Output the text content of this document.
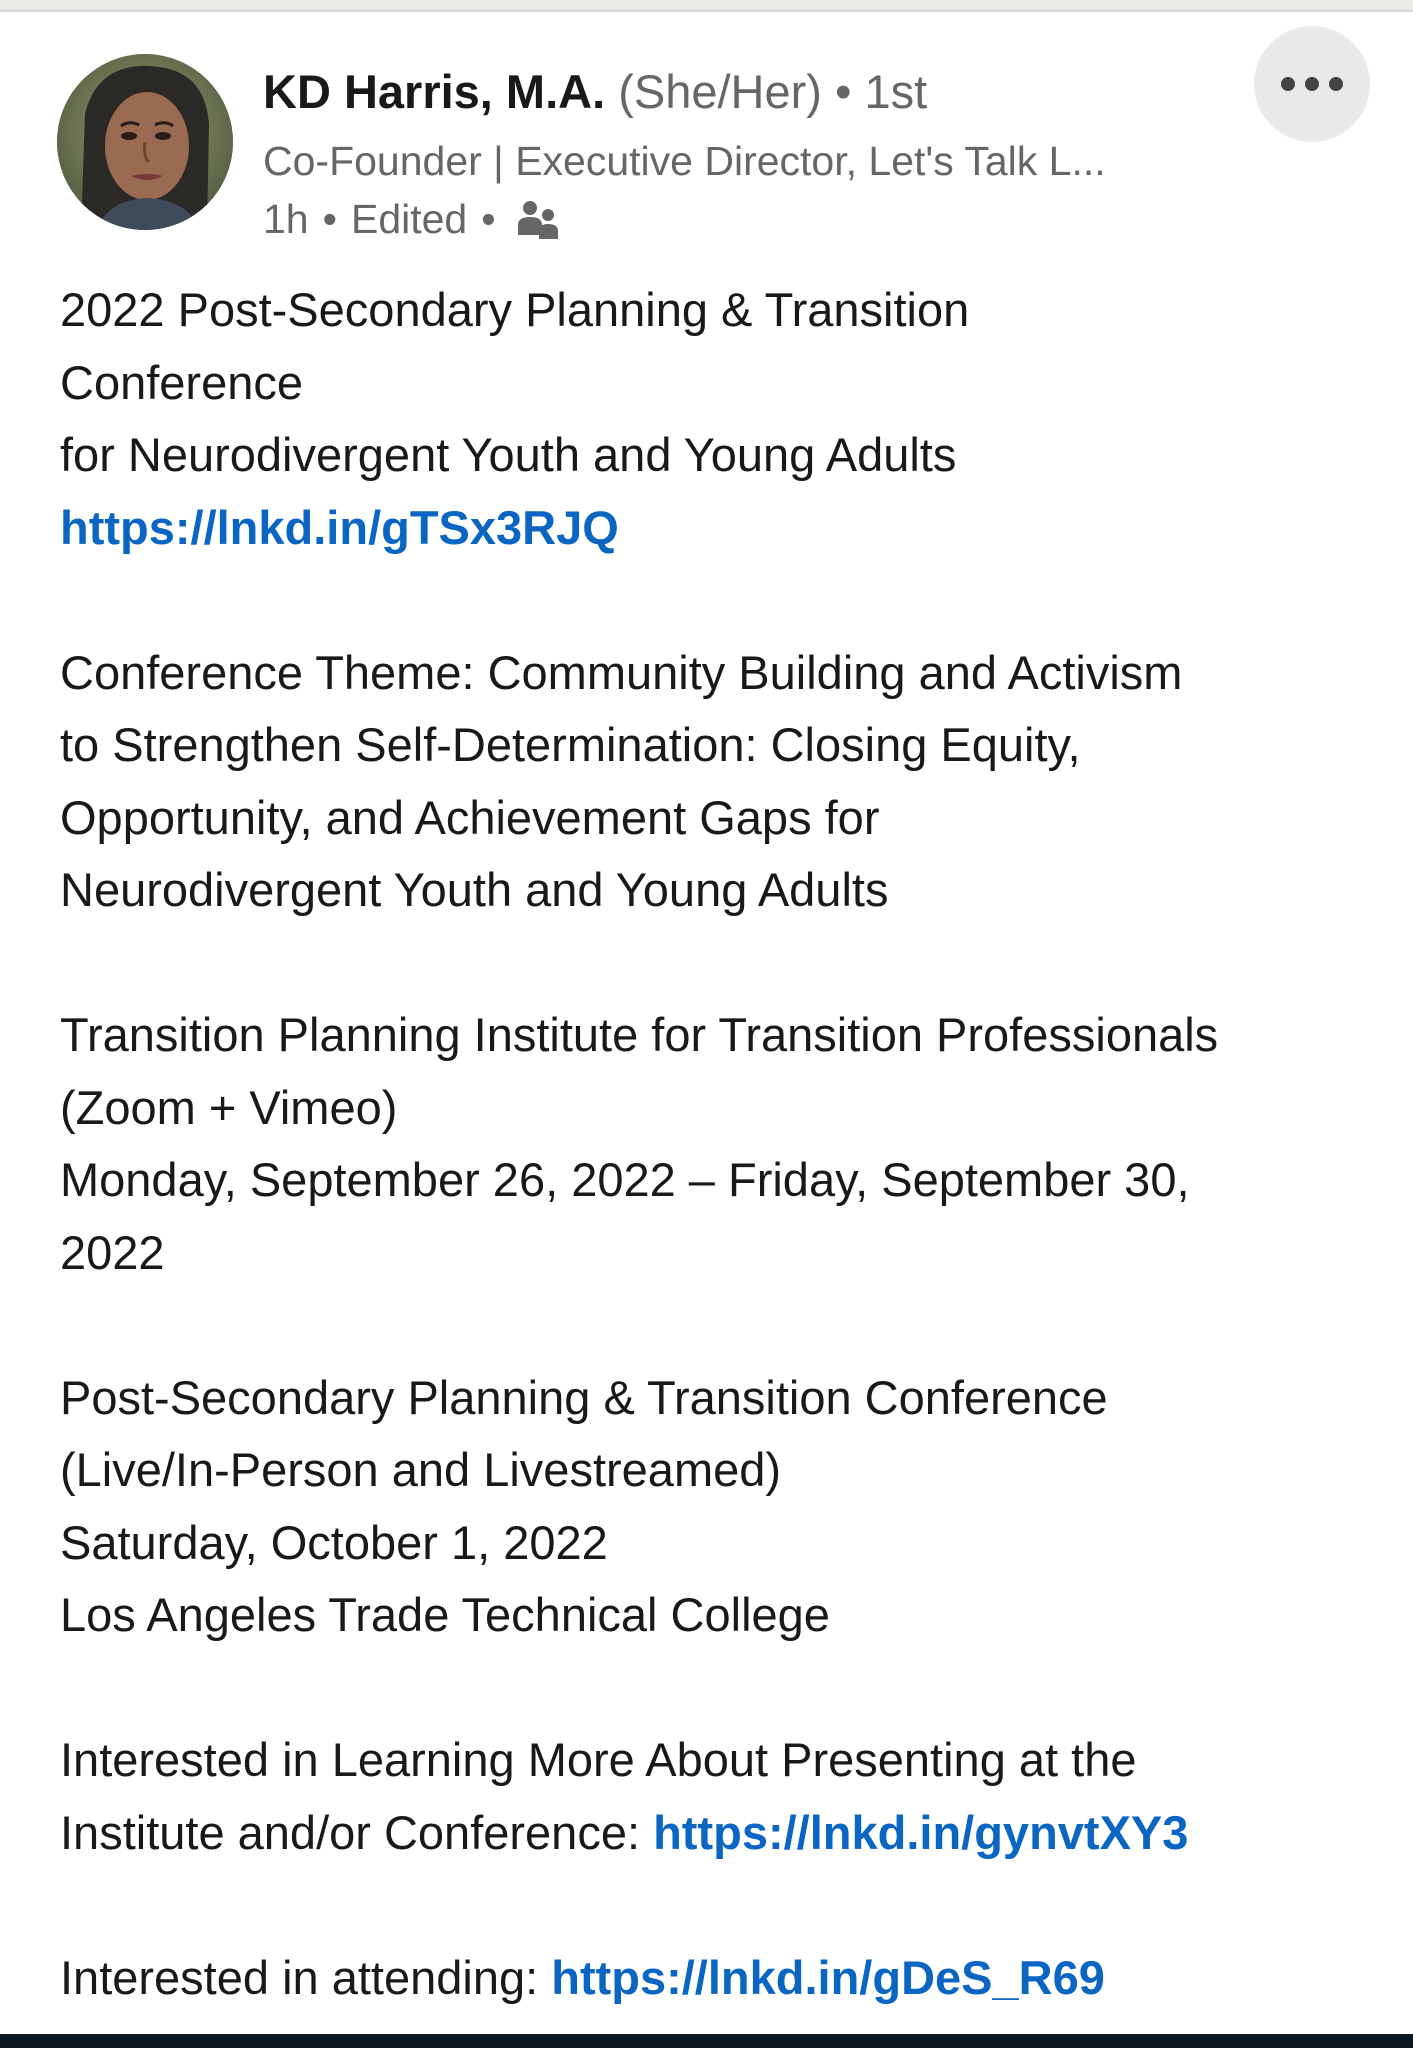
KD Harris, M.A. (She/Her) • 1st
Co-Founder | Executive Director, Let's Talk L...
1h • Edited •
2022 Post-Secondary Planning & Transition
Conference
for Neurodivergent Youth and Young Adults
https://lnkd.in/gTSx3RJQ
Conference Theme: Community Building and Activism
to Strengthen Self-Determination: Closing Equity,
Opportunity, and Achievement Gaps for
Neurodivergent Youth and Young Adults
Transition Planning Institute for Transition Professionals
(Zoom + Vimeo)
Monday, September 26, 2022 – Friday, September 30,
2022
Post-Secondary Planning & Transition Conference
(Live/In-Person and Livestreamed)
Saturday, October 1, 2022
Los Angeles Trade Technical College
Interested in Learning More About Presenting at the
Institute and/or Conference: https://lnkd.in/gynvtXY3
Interested in attending: https://lnkd.in/gDeS_R69
